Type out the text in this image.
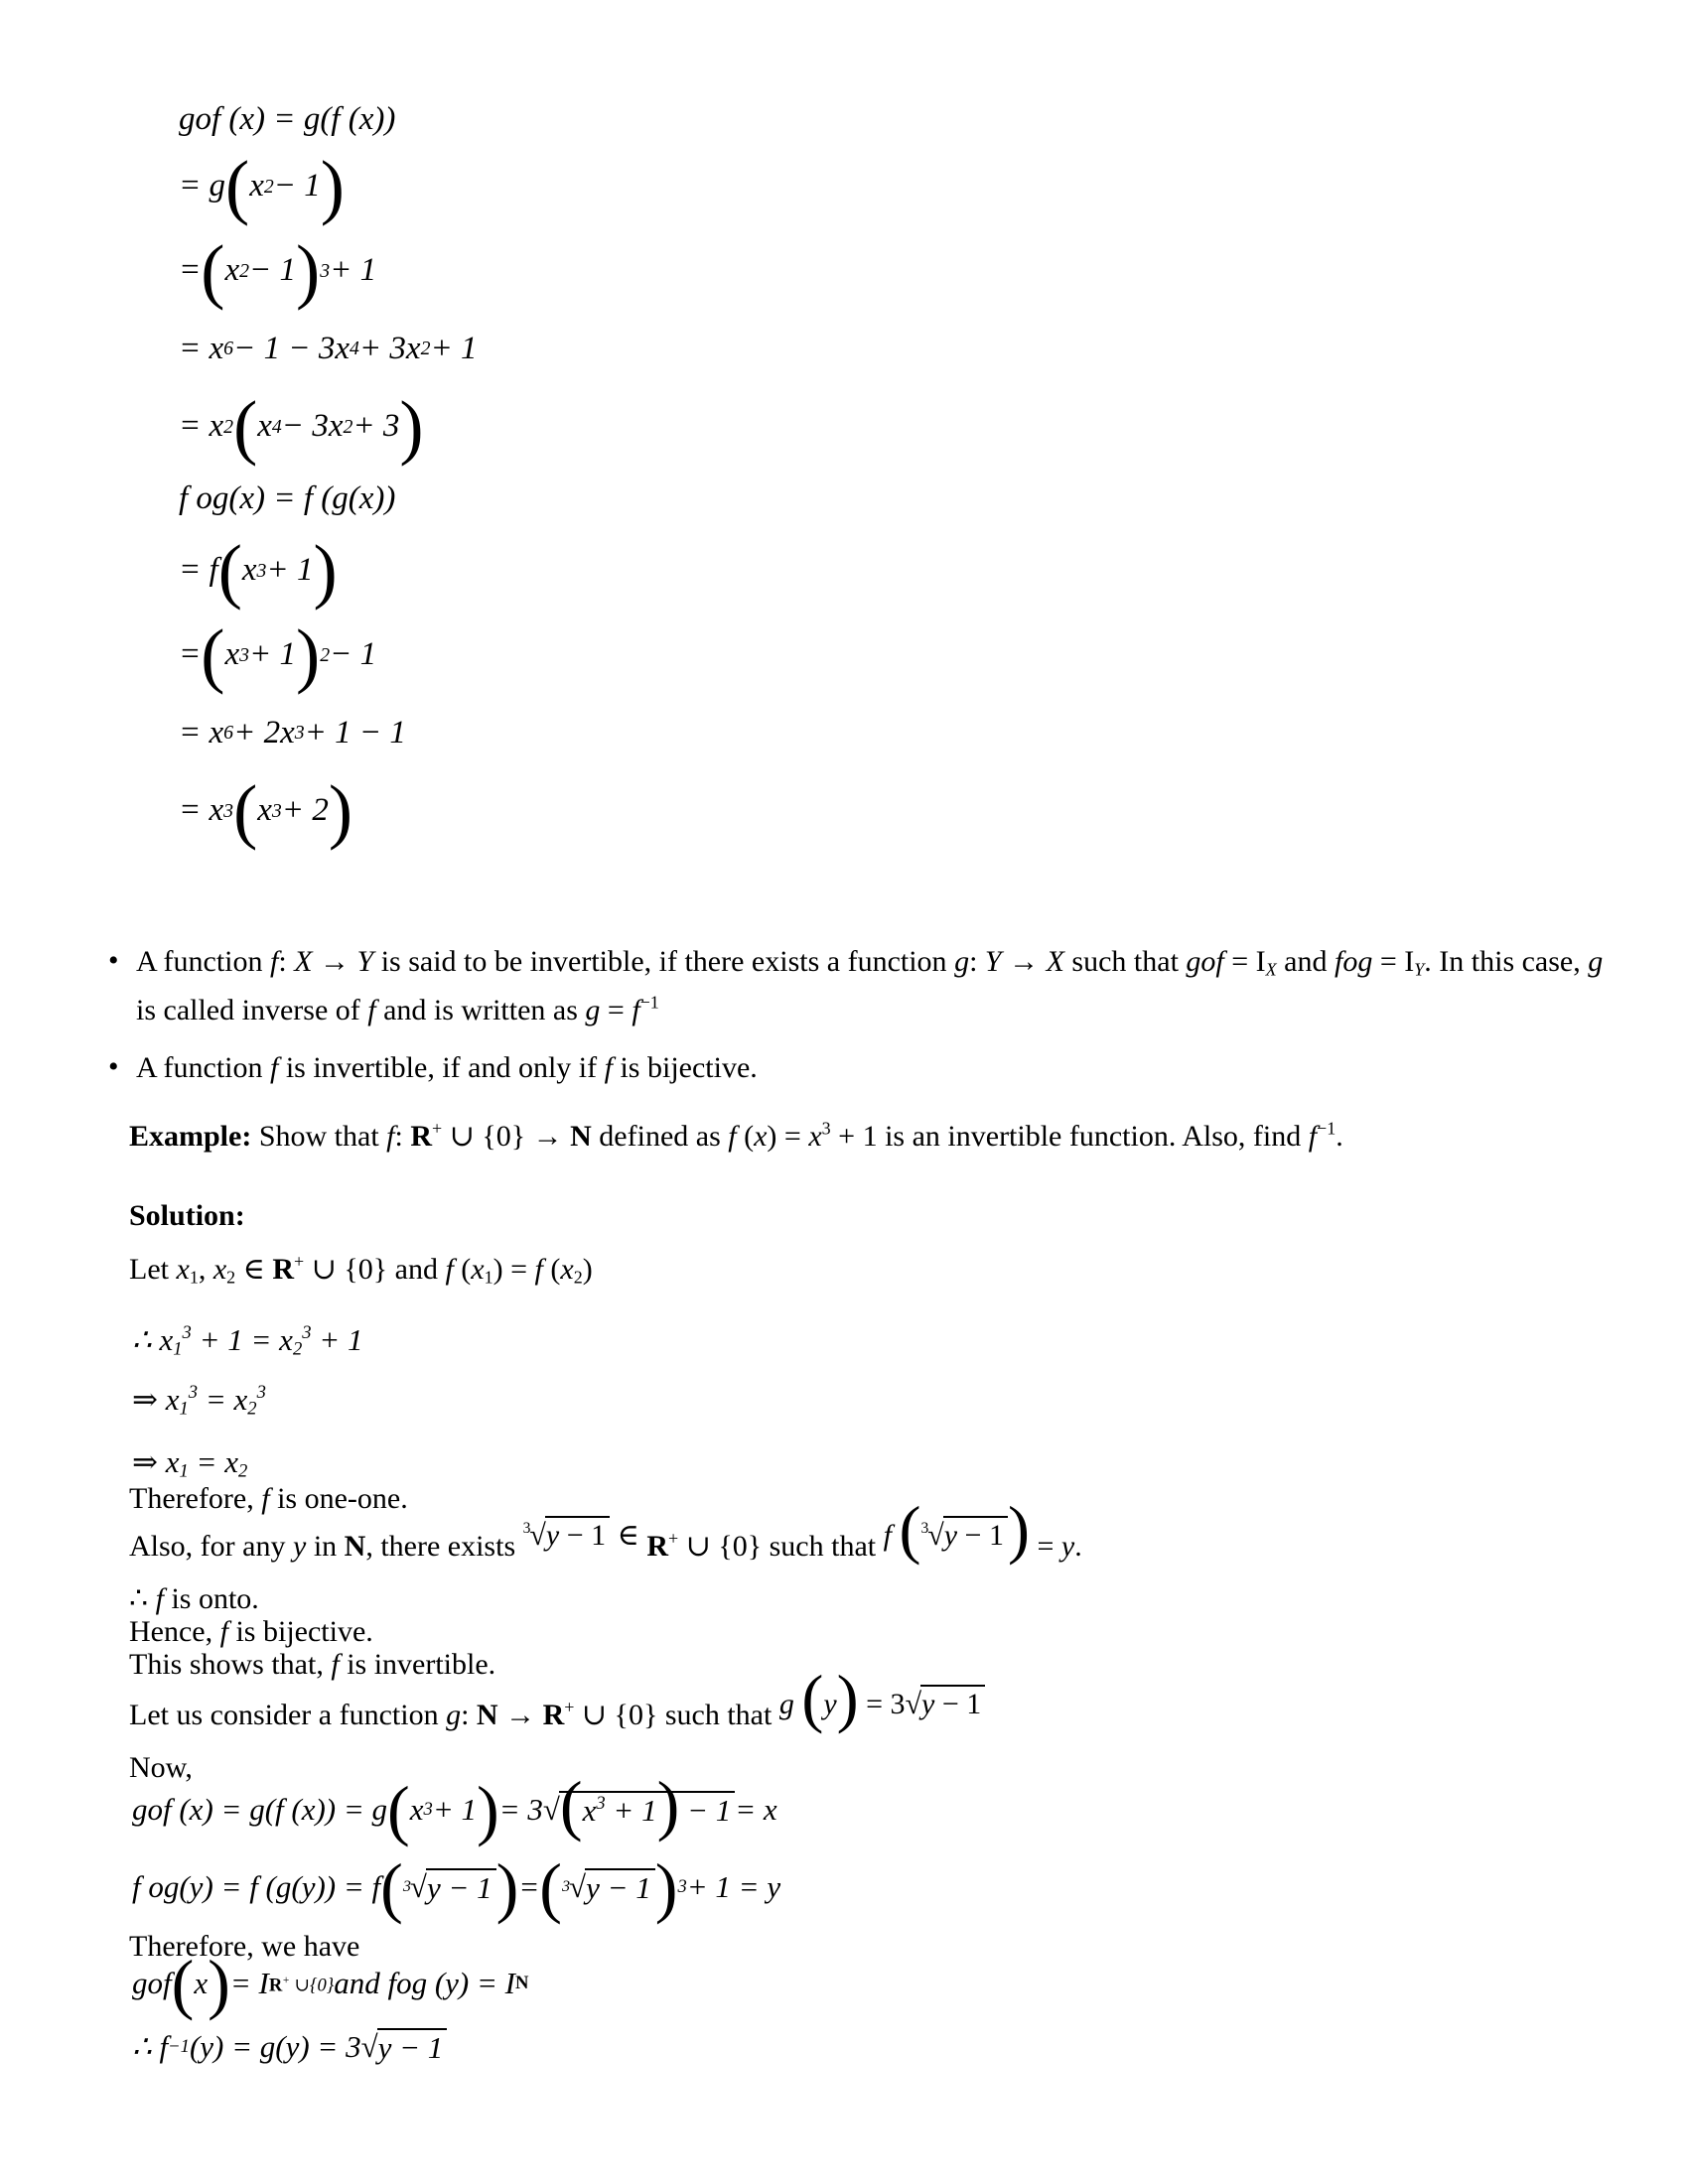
gof (x) = g(f (x))
= g ( x 2 − 1 )
= ( x 2 − 1 ) 3 + 1
= x 6 − 1 − 3x 4 + 3x 2 + 1
= x 2 ( x 4 − 3x 2 + 3 )
f og(x) = f (g(x))
= f ( x 3 + 1 )
= ( x 3 + 1 ) 2 − 1
= x 6 + 2x 3 + 1 − 1
= x 3 ( x 3 + 2 )
• A function f: X → Y is said to be invertible, if there exists a function g: Y → X such that gof = $I_X$ and fog = $I_Y$. In this case, g is called inverse of f and is written as $g = f^{-1}$
• A function f is invertible, if and only if f is bijective.
Example: Show that f: R+ ∪ {0} → N defined as f $(x) = x^3 + 1$ is an invertible function. Also, find $f^{-1}$.
Solution:
Let $x_1$, $x_2$ ∈ R+ ∪ {0} and f $(x_1) = f$ $(x_2)$
∴ $x_1^3 + 1 = x_2^3 + 1$
⇒ $x_1^3 = x_2^3$
⇒ $x_1 = x_2$
Therefore, f is one-one.
Also, for any y in N, there exists $^3$√y − 1 ∈ R+ ∪ {0} such that f ($^3$√y − 1) = y.
∴ f is onto.
Hence, f is bijective.
This shows that, f is invertible.
Let us consider a function g: N → R+ ∪ {0} such that g (y) = 3√y − 1
Now,
gof (x) = g(f (x)) = g ( x 3 + 1 ) = 3 √ $(x^3 + 1) - 1 = x$
f og(y) = f (g(y)) = f ( 3 √ y − 1 ) = ( 3 √ y − 1 ) 3 + 1 = y
Therefore, we have
gof ( x ) = I R+ ∪{0} and fog (y) = I N
∴ f −1 (y) = g(y) = 3 √ y − 1
